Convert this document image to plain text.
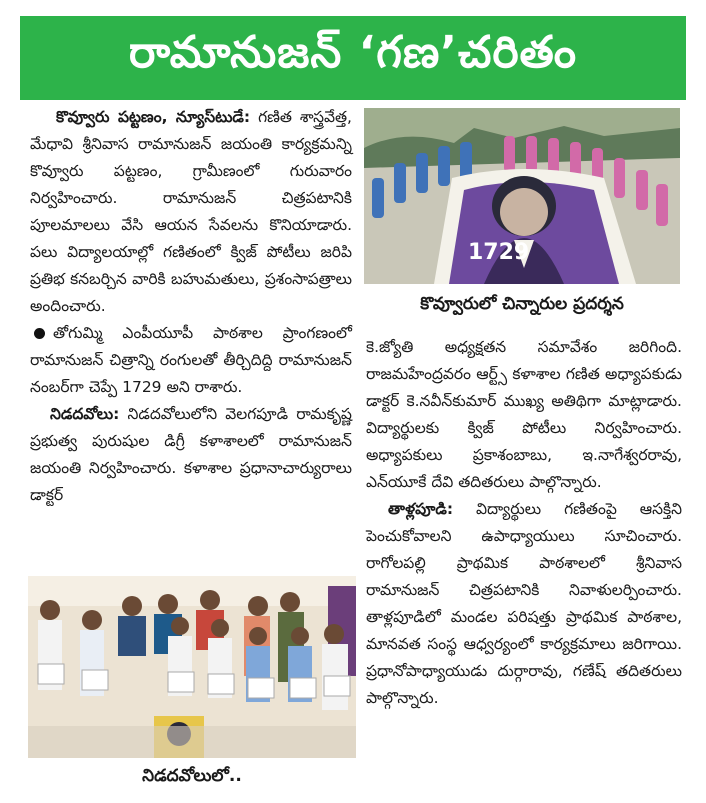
రామానుజన్ ‘గణ’చరితం

కొవ్వూరు పట్టణం, న్యూస్‌టుడే: గణిత శాస్త్రవేత్త, మేధావి శ్రీనివాస రామానుజన్ జయంతి కార్యక్రమన్ని కొవ్వూరు పట్టణం, గ్రామీణంలో గురువారం నిర్వహించారు. రామానుజన్ చిత్రపటానికి పూలమాలలు వేసి ఆయన సేవలను కొనియాడారు. పలు విద్యాలయాల్లో గణితంలో క్విజ్ పోటీలు జరిపి ప్రతిభ కనబర్చిన వారికి బహుమతులు, ప్రశంసాపత్రాలు అందించారు.

తోగుమ్మి ఎంపీయూపీ పాఠశాల ప్రాంగణంలో రామానుజన్ చిత్రాన్ని రంగులతో తీర్చిదిద్ది రామానుజన్ నంబర్‌గా చెప్పే 1729 అని రాశారు.

నిడదవోలు: నిడదవోలులోని వెలగపూడి రామకృష్ణ ప్రభుత్వ పురుషుల డిగ్రీ కళాశాలలో రామానుజన్ జయంతి నిర్వహించారు. కళాశాల ప్రధానాచార్యురాలు డాక్టర్

1729
కొవ్వూరులో చిన్నారుల ప్రదర్శన

కె.జ్యోతి అధ్యక్షతన సమావేశం జరిగింది. రాజమహేంద్రవరం ఆర్ట్స్ కళాశాల గణిత అధ్యాపకుడు డాక్టర్ కె.నవీన్‌కుమార్ ముఖ్య అతిథిగా మాట్లాడారు. విద్యార్థులకు క్విజ్ పోటీలు నిర్వహించారు. అధ్యాపకులు ప్రకాశంబాబు, ఇ.నాగేశ్వరరావు, ఎన్‌యూకే దేవి తదితరులు పాల్గొన్నారు.

తాళ్లపూడి: విద్యార్థులు గణితంపై ఆసక్తిని పెంచుకోవాలని ఉపాధ్యాయులు సూచించారు. రాగోలపల్లి ప్రాథమిక పాఠశాలలో శ్రీనివాస రామానుజన్ చిత్రపటానికి నివాళులర్పించారు. తాళ్లపూడిలో మండల పరిషత్తు ప్రాథమిక పాఠశాల, మానవత సంస్థ ఆధ్వర్యంలో కార్యక్రమాలు జరిగాయి. ప్రధానోపాధ్యాయుడు దుర్గారావు, గణేష్ తదితరులు పాల్గొన్నారు.

నిడదవోలులో..
